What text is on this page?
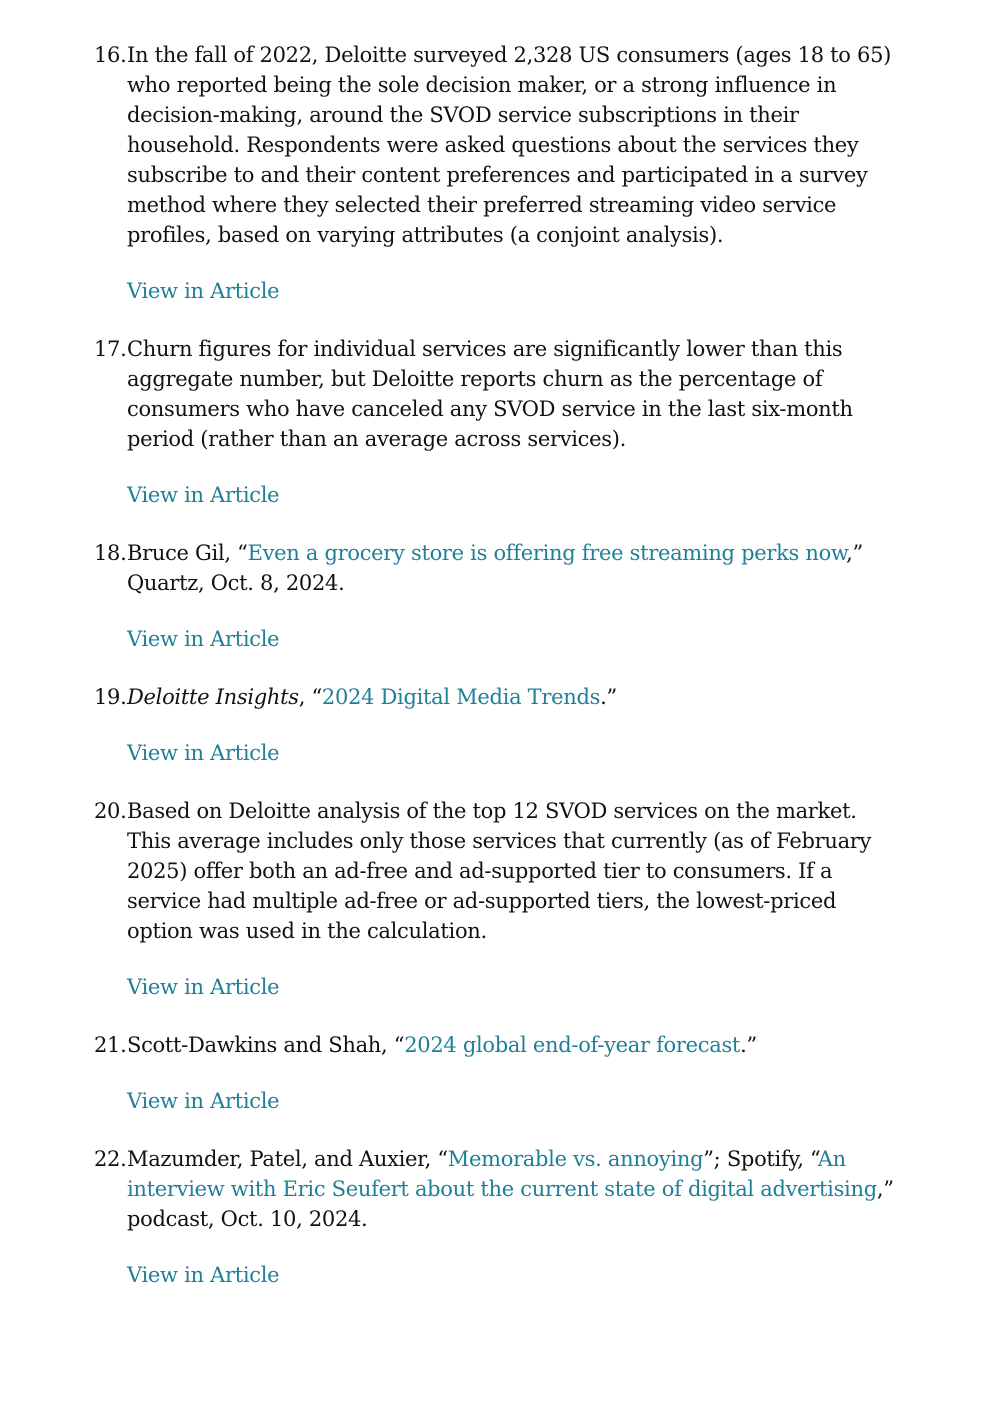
16. In the fall of 2022, Deloitte surveyed 2,328 US consumers (ages 18 to 65) who reported being the sole decision maker, or a strong influence in decision-making, around the SVOD service subscriptions in their household. Respondents were asked questions about the services they subscribe to and their content preferences and participated in a survey method where they selected their preferred streaming video service profiles, based on varying attributes (a conjoint analysis).
View in Article
17. Churn figures for individual services are significantly lower than this aggregate number, but Deloitte reports churn as the percentage of consumers who have canceled any SVOD service in the last six-month period (rather than an average across services).
View in Article
18. Bruce Gil, “Even a grocery store is offering free streaming perks now,” Quartz, Oct. 8, 2024.
View in Article
19. Deloitte Insights, “2024 Digital Media Trends.”
View in Article
20. Based on Deloitte analysis of the top 12 SVOD services on the market. This average includes only those services that currently (as of February 2025) offer both an ad-free and ad-supported tier to consumers. If a service had multiple ad-free or ad-supported tiers, the lowest-priced option was used in the calculation.
View in Article
21. Scott-Dawkins and Shah, “2024 global end-of-year forecast.”
View in Article
22. Mazumder, Patel, and Auxier, “Memorable vs. annoying”; Spotify, “An interview with Eric Seufert about the current state of digital advertising,” podcast, Oct. 10, 2024.
View in Article
